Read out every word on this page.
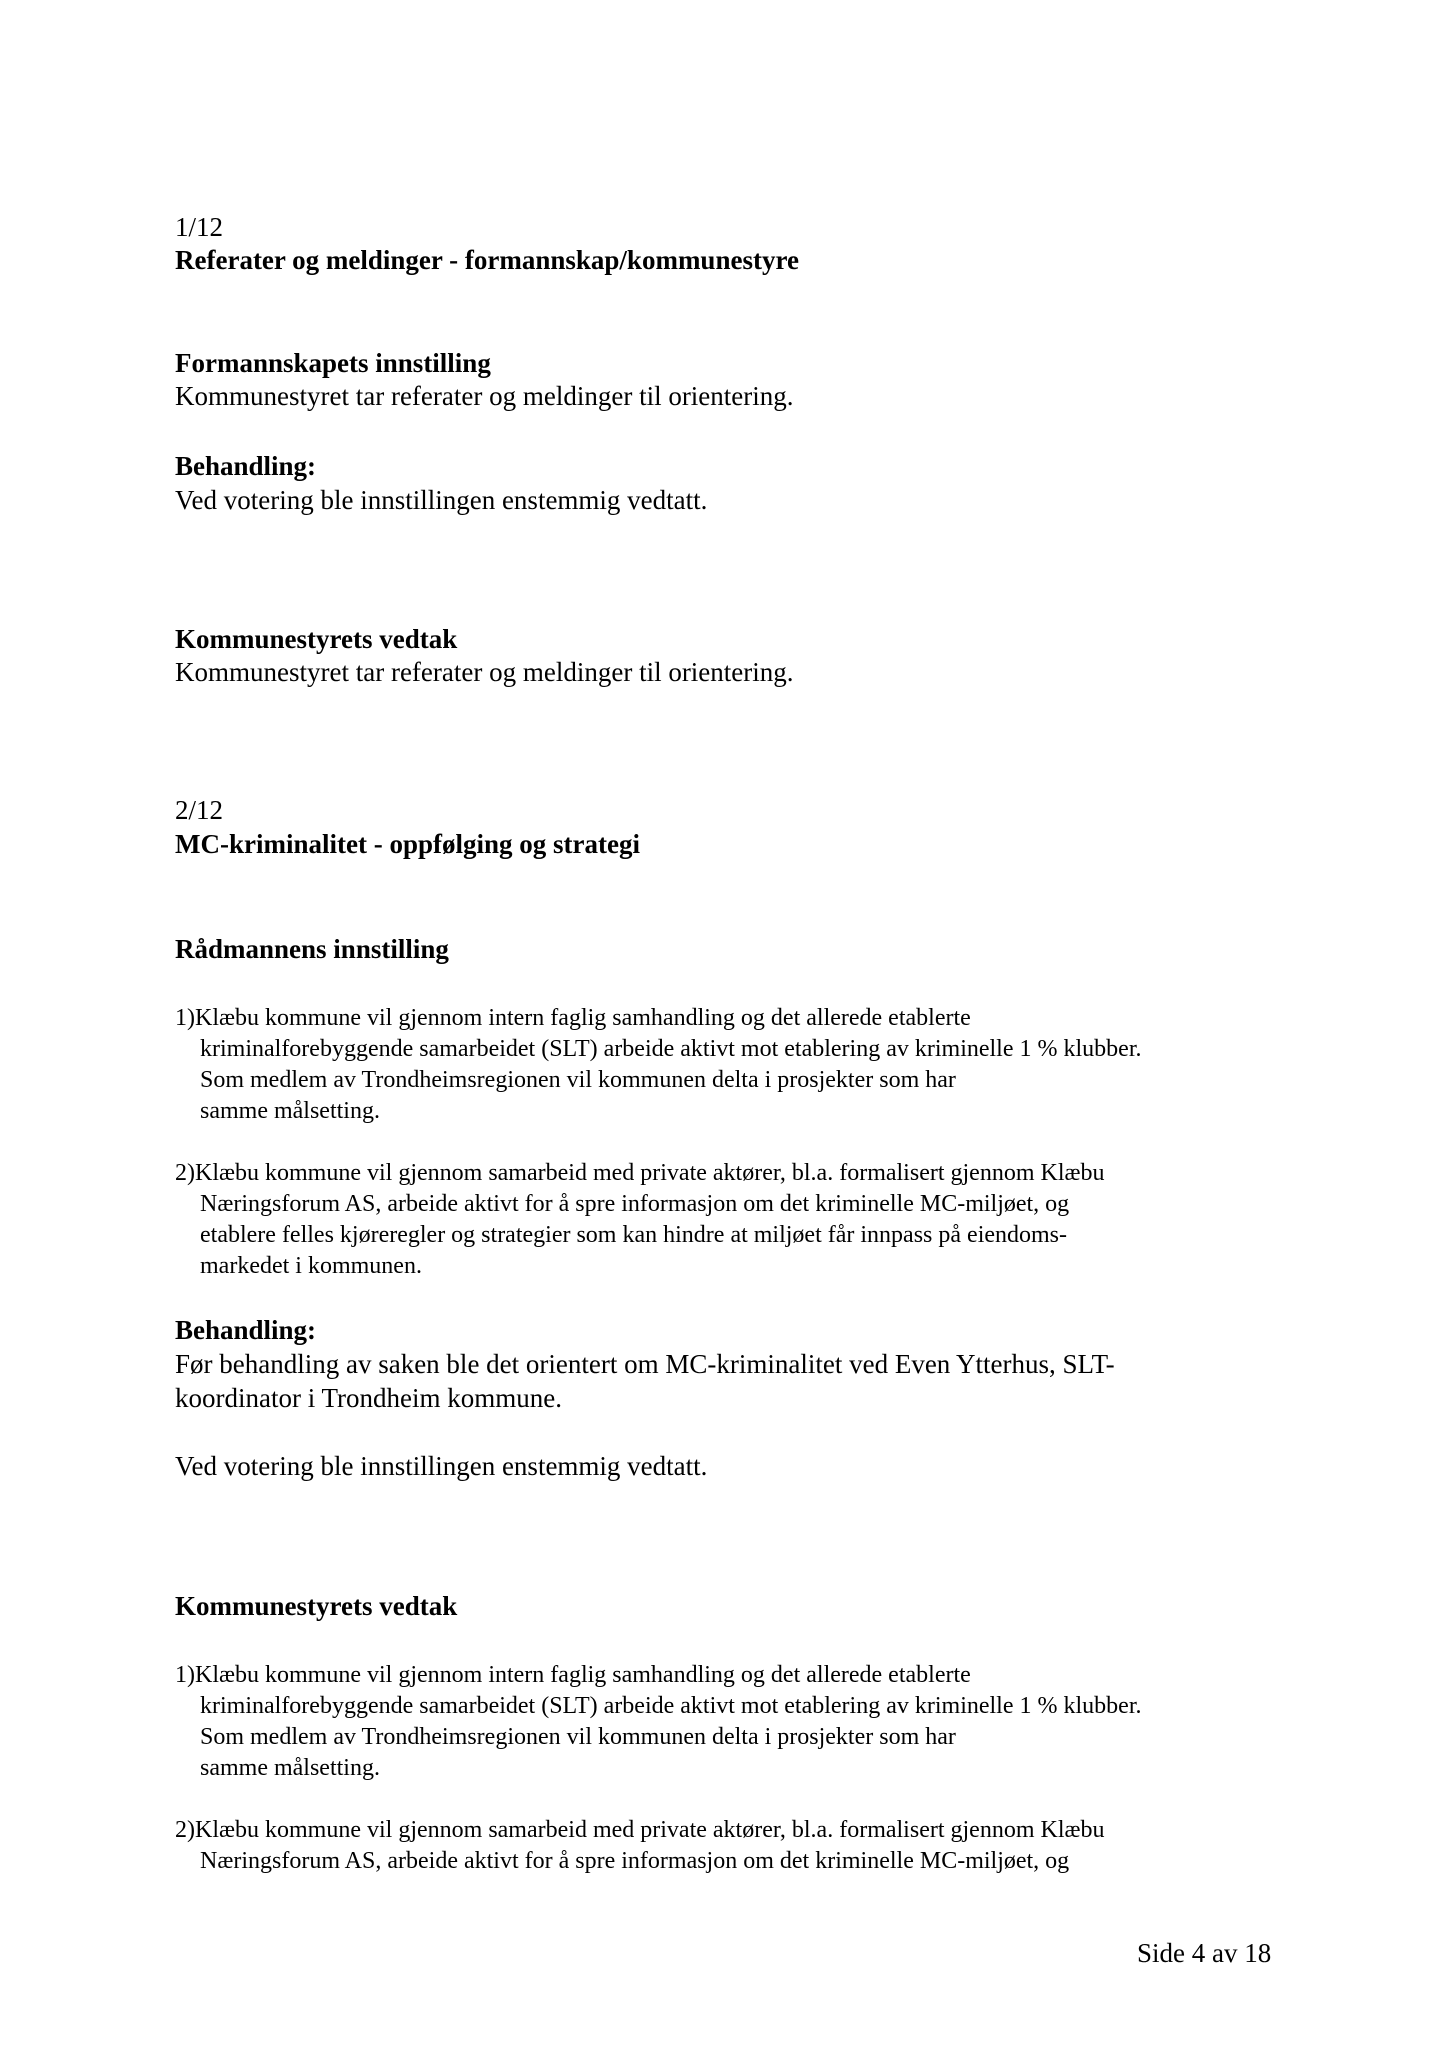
1/12
Referater og meldinger - formannskap/kommunestyre
Formannskapets innstilling
Kommunestyret tar referater og meldinger til orientering.
Behandling:
Ved votering ble innstillingen enstemmig vedtatt.
Kommunestyrets vedtak
Kommunestyret tar referater og meldinger til orientering.
2/12
MC-kriminalitet - oppfølging og strategi
Rådmannens innstilling
1)Klæbu kommune vil gjennom intern faglig samhandling og det allerede etablerte
kriminalforebyggende samarbeidet (SLT) arbeide aktivt mot etablering av kriminelle 1 % klubber.
Som medlem av Trondheimsregionen vil kommunen delta i prosjekter som har
samme målsetting.
2)Klæbu kommune vil gjennom samarbeid med private aktører, bl.a. formalisert gjennom Klæbu
Næringsforum AS, arbeide aktivt for å spre informasjon om det kriminelle MC-miljøet, og
etablere felles kjøreregler og strategier som kan hindre at miljøet får innpass på eiendoms-
markedet i kommunen.
Behandling:
Før behandling av saken ble det orientert om MC-kriminalitet ved Even Ytterhus, SLT-
koordinator i Trondheim kommune.
Ved votering ble innstillingen enstemmig vedtatt.
Kommunestyrets vedtak
1)Klæbu kommune vil gjennom intern faglig samhandling og det allerede etablerte
kriminalforebyggende samarbeidet (SLT) arbeide aktivt mot etablering av kriminelle 1 % klubber.
Som medlem av Trondheimsregionen vil kommunen delta i prosjekter som har
samme målsetting.
2)Klæbu kommune vil gjennom samarbeid med private aktører, bl.a. formalisert gjennom Klæbu
Næringsforum AS, arbeide aktivt for å spre informasjon om det kriminelle MC-miljøet, og
Side 4 av 18
